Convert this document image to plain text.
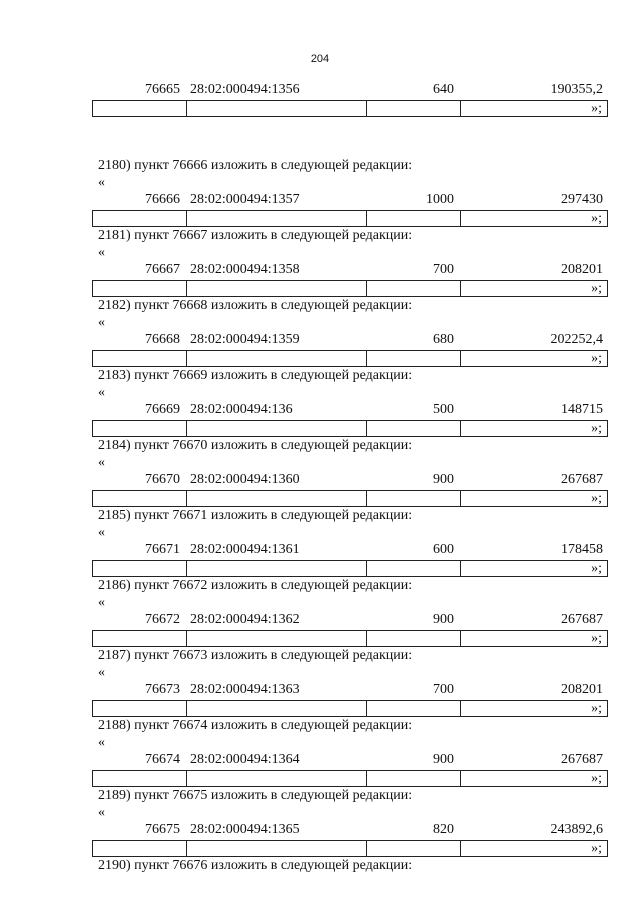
204
76665 28:02:000494:1356	640	190355,2
»;
2180) пункт 76666 изложить в следующей редакции:
«
76666 28:02:000494:1357	1000	297430
»;
2181) пункт 76667 изложить в следующей редакции:
«
76667 28:02:000494:1358	700	208201
»;
2182) пункт 76668 изложить в следующей редакции:
«
76668 28:02:000494:1359	680	202252,4
»;
2183) пункт 76669 изложить в следующей редакции:
«
76669 28:02:000494:136	500	148715
»;
2184) пункт 76670 изложить в следующей редакции:
«
76670 28:02:000494:1360	900	267687
»;
2185) пункт 76671 изложить в следующей редакции:
«
76671 28:02:000494:1361	600	178458
»;
2186) пункт 76672 изложить в следующей редакции:
«
76672 28:02:000494:1362	900	267687
»;
2187) пункт 76673 изложить в следующей редакции:
«
76673 28:02:000494:1363	700	208201
»;
2188) пункт 76674 изложить в следующей редакции:
«
76674 28:02:000494:1364	900	267687
»;
2189) пункт 76675 изложить в следующей редакции:
«
76675 28:02:000494:1365	820	243892,6
»;
2190) пункт 76676 изложить в следующей редакции:
